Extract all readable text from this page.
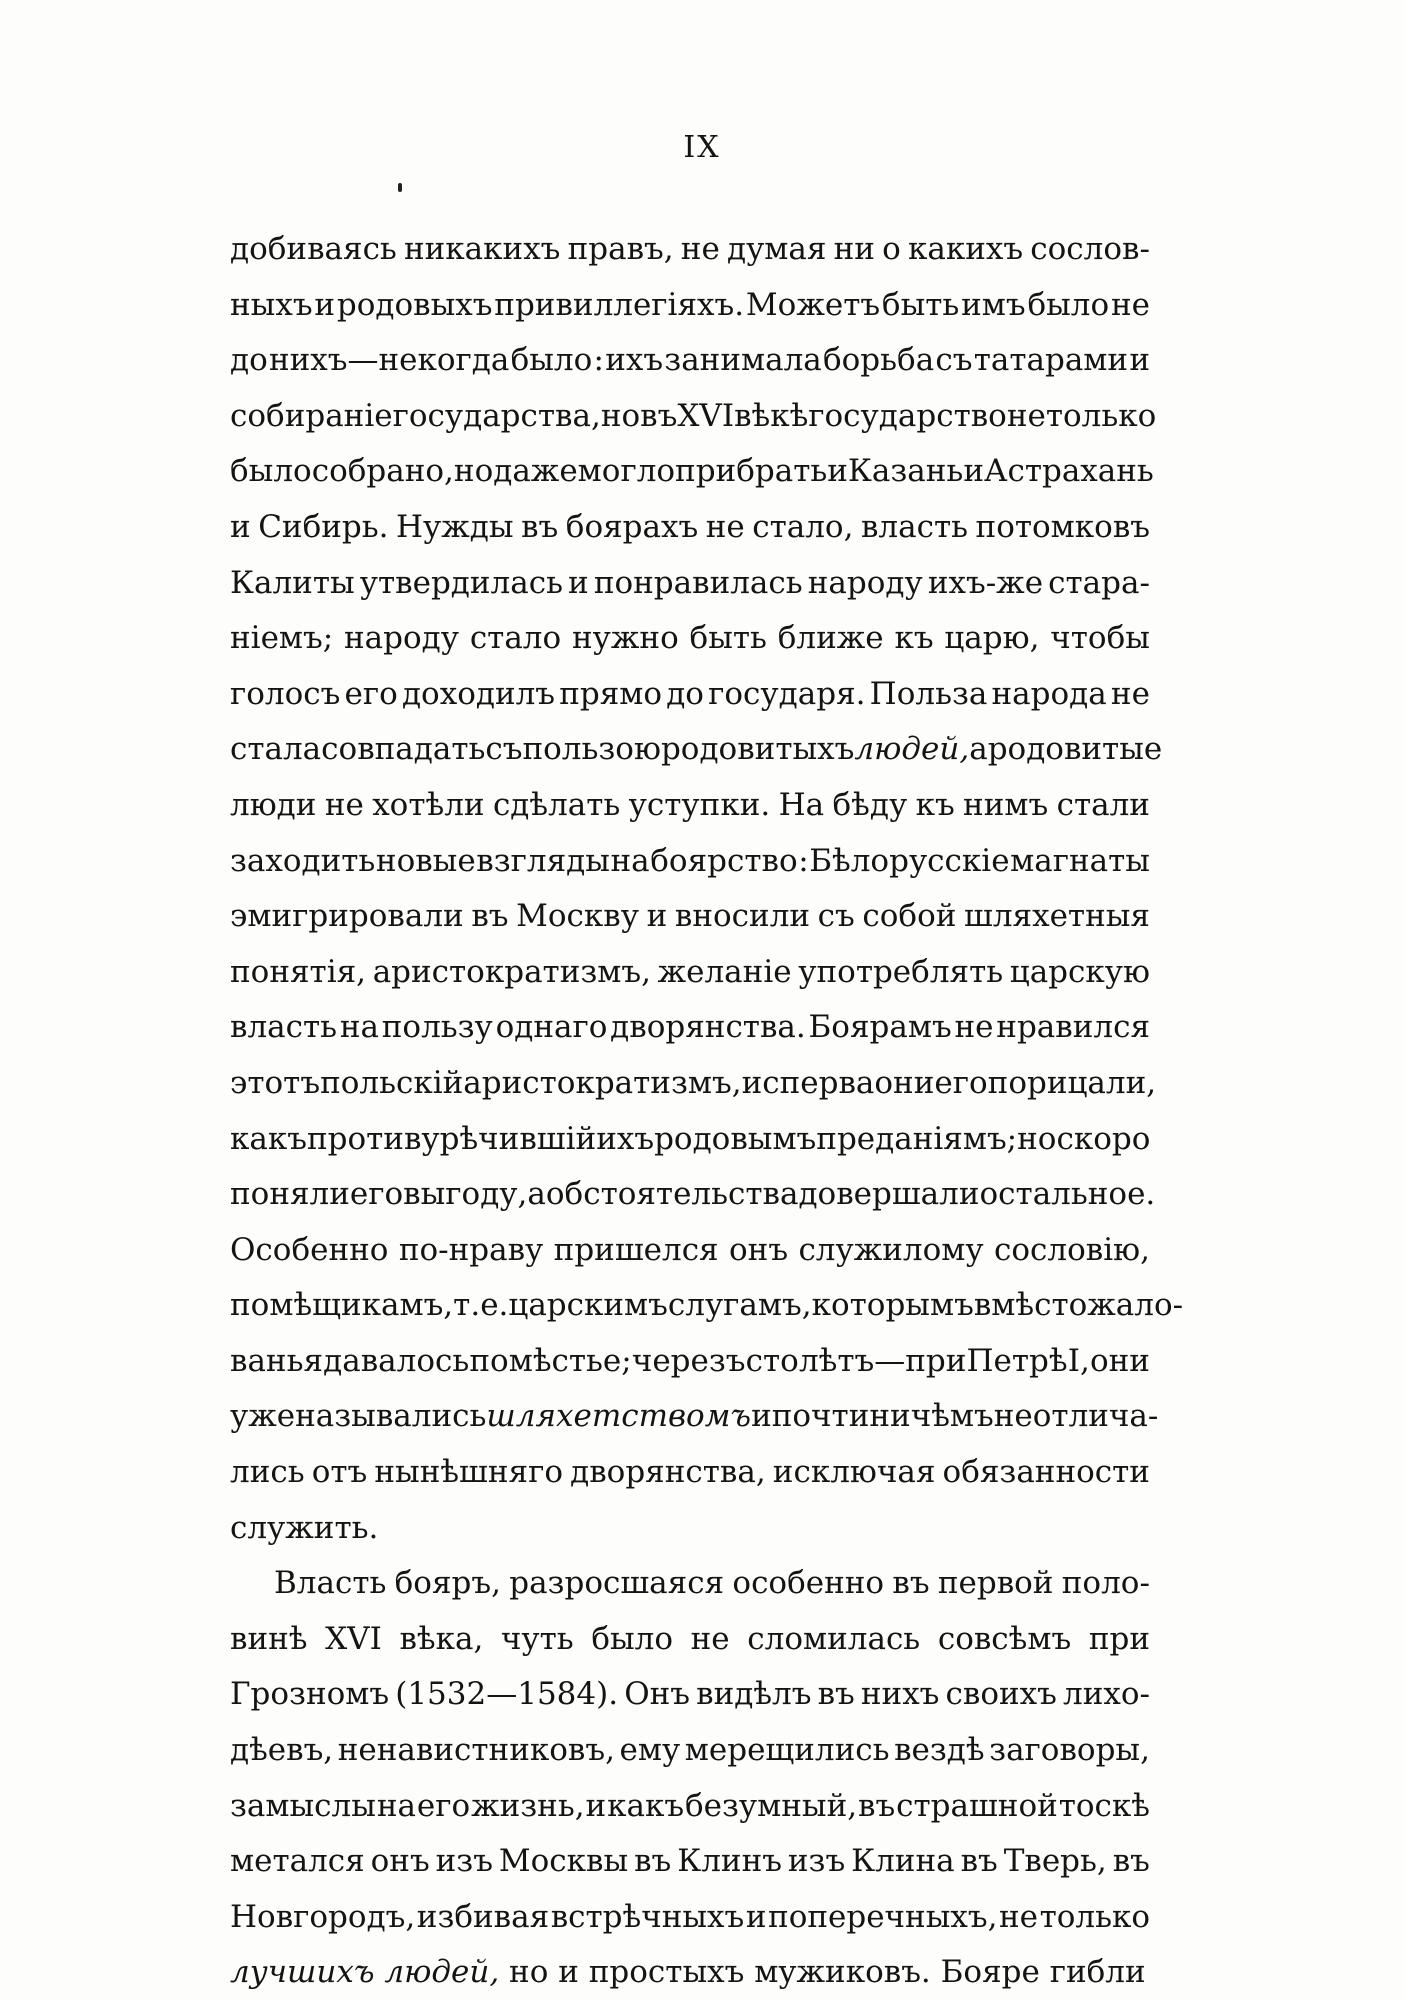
IX
добиваясь никакихъ правъ, не думая ни о какихъ сослов-
ныхъ и родовыхъ привиллегіяхъ. Можетъ быть имъ было не
до нихъ—некогда было : ихъ занимала борьба съ татарами и
собираніе государства, но въ XVI вѣкѣ государство не только
было собрано, но даже могло прибрать и Казань и Астрахань
и Сибирь. Нужды въ боярахъ не стало, власть потомковъ
Калиты утвердилась и понравилась народу ихъ-же стара-
ніемъ; народу стало нужно быть ближе къ царю, чтобы
голосъ его доходилъ прямо до государя. Польза народа не
стала совпадать съ пользою родовитыхъ людей, а родовитые
люди не хотѣли сдѣлать уступки. На бѣду къ нимъ стали
заходить новые взгляды на боярство : Бѣлорусскіе магнаты
эмигрировали въ Москву и вносили съ собой шляхетныя
понятія, аристократизмъ, желаніе употреблять царскую
власть на пользу однаго дворянства. Боярамъ не нравился
этотъ польскій аристократизмъ, и сперва они его порицали,
какъ противурѣчившій ихъ родовымъ преданіямъ; но скоро
поняли его выгоду, а обстоятельства довершали остальное.
Особенно по-нраву пришелся онъ служилому сословію,
помѣщикамъ, т. е. царскимъ слугамъ, которымъ вмѣсто жало-
ванья давалось помѣстье; черезъ сто лѣтъ—при Петрѣ I, они
уже назывались шляхетствомъ и почти ничѣмъ не отлича-
лись отъ нынѣшняго дворянства, исключая обязанности
служить.
Власть бояръ, разросшаяся особенно въ первой поло-
винѣ XVI вѣка, чуть было не сломилась совсѣмъ при
Грозномъ (1532—1584). Онъ видѣлъ въ нихъ своихъ лихо-
дѣевъ, ненавистниковъ, ему мерещились вездѣ заговоры,
замыслы на его жизнь, и какъ безумный, въ страшной тоскѣ
метался онъ изъ Москвы въ Клинъ изъ Клина въ Тверь, въ
Новгородъ, избивая встрѣчныхъ и поперечныхъ, не только
лучшихъ
людей,
но
и
простыхъ
мужиковъ.
Бояре
гибли
